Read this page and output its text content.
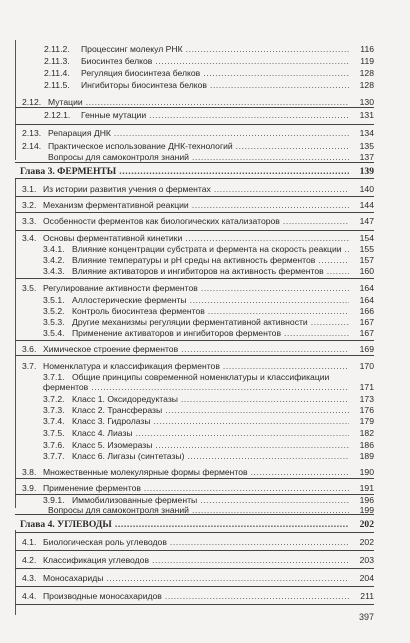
2.11.2. Процессинг молекул РНК .....	116
2.11.3. Биосинтез белков .....	119
2.11.4. Регуляция биосинтеза белков .....	128
2.11.5. Ингибиторы биосинтеза белков .....	128
2.12. Мутации .....	130
2.12.1. Генные мутации .....	131
2.13. Репарация ДНК .....	134
2.14. Практическое использование ДНК-технологий .....	135
Вопросы для самоконтроля знаний .....	137
Глава 3. ФЕРМЕНТЫ .....	139
3.1. Из истории развития учения о ферментах .....	140
3.2. Механизм ферментативной реакции .....	144
3.3. Особенности ферментов как биологических катализаторов .....	147
3.4. Основы ферментативной кинетики .....	154
3.4.1. Влияние концентрации субстрата и фермента на скорость реакции .....	155
3.4.2. Влияние температуры и рН среды на активность ферментов .....	157
3.4.3. Влияние активаторов и ингибиторов на активность ферментов .....	160
3.5. Регулирование активности ферментов .....	164
3.5.1. Аллостерические ферменты .....	164
3.5.2. Контроль биосинтеза ферментов .....	166
3.5.3. Другие механизмы регуляции ферментативной активности .....	167
3.5.4. Применение активаторов и ингибиторов ферментов .....	167
3.6. Химическое строение ферментов .....	169
3.7. Номенклатура и классификация ферментов .....	170
3.7.1. Общие принципы современной номенклатуры и классификации
ферментов .....	171
3.7.2. Класс 1. Оксидоредуктазы .....	173
3.7.3. Класс 2. Трансферазы .....	176
3.7.4. Класс 3. Гидролазы .....	179
3.7.5. Класс 4. Лиазы .....	182
3.7.6. Класс 5. Изомеразы .....	186
3.7.7. Класс 6. Лигазы (синтетазы) .....	189
3.8. Множественные молекулярные формы ферментов .....	190
3.9. Применение ферментов .....	191
3.9.1. Иммобилизованные ферменты .....	196
Вопросы для самоконтроля знаний .....	199
Глава 4. УГЛЕВОДЫ .....	202
4.1. Биологическая роль углеводов .....	202
4.2. Классификация углеводов .....	203
4.3. Моносахариды .....	204
4.4. Производные моносахаридов .....	211
397
